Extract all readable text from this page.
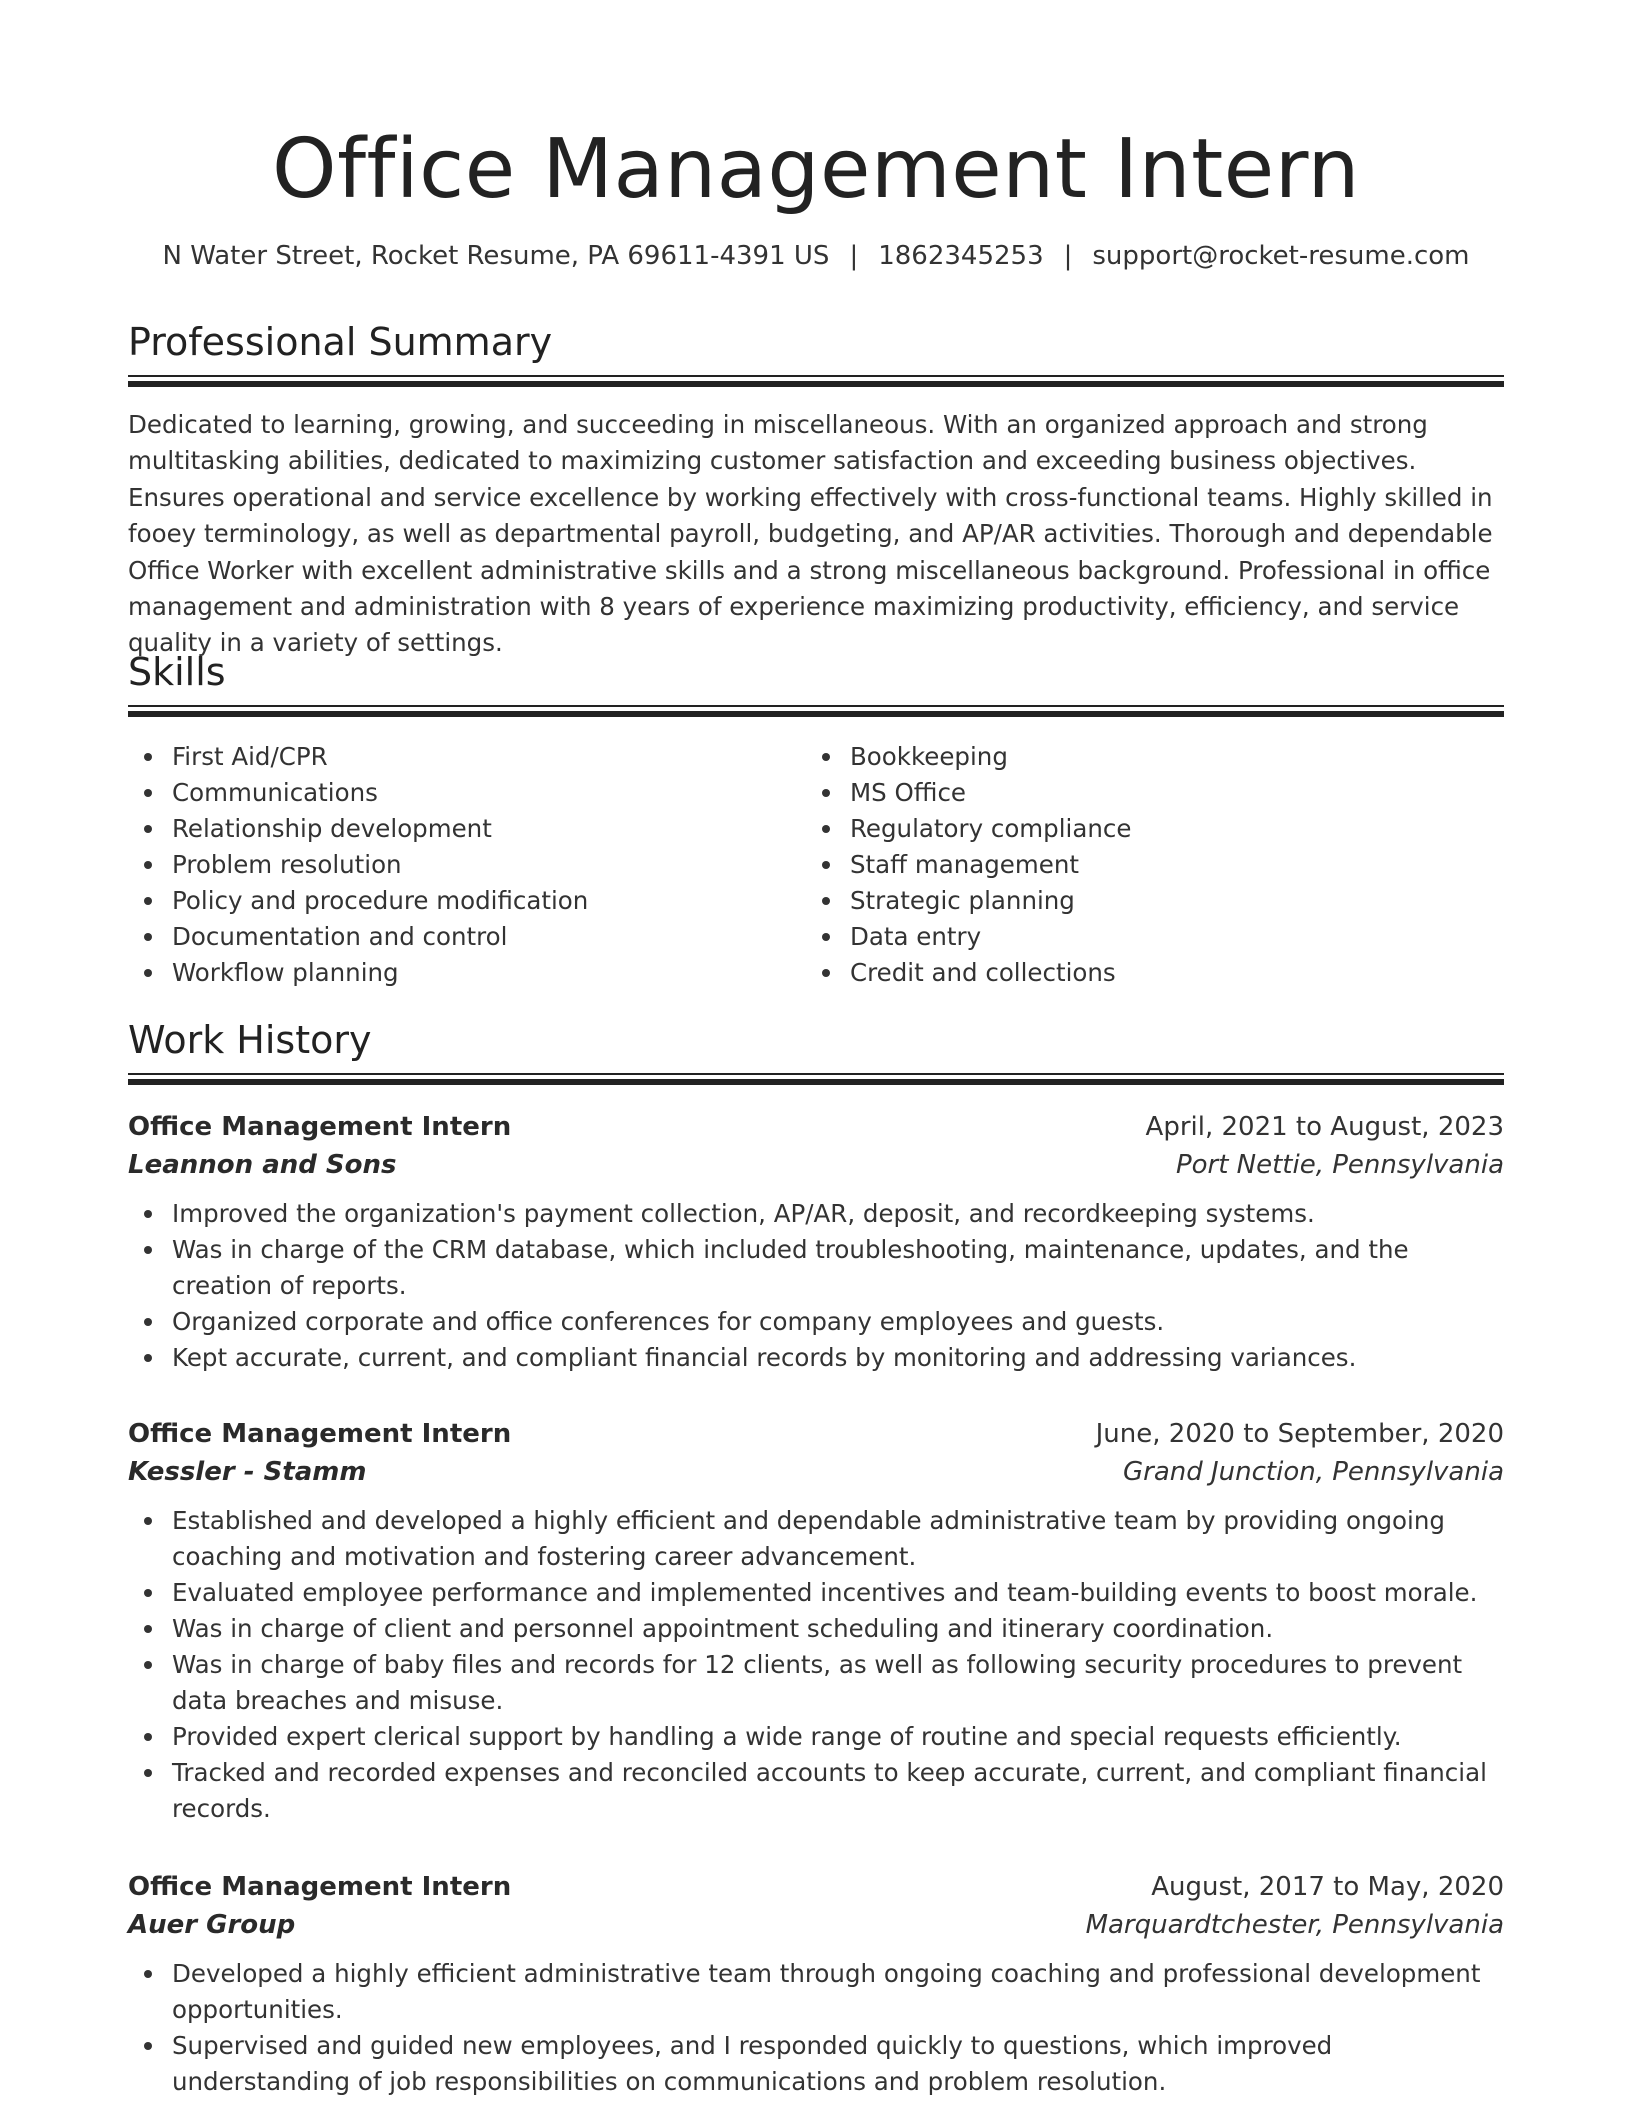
Office Management Intern
N Water Street, Rocket Resume, PA 69611-4391 US | 1862345253 | support@rocket-resume.com
Professional Summary

Dedicated to learning, growing, and succeeding in miscellaneous. With an organized approach and strong multitasking abilities, dedicated to maximizing customer satisfaction and exceeding business objectives. Ensures operational and service excellence by working effectively with cross-functional teams. Highly skilled in fooey terminology, as well as departmental payroll, budgeting, and AP/AR activities. Thorough and dependable Office Worker with excellent administrative skills and a strong miscellaneous background. Professional in office management and administration with 8 years of experience maximizing productivity, efficiency, and service quality in a variety of settings.

Skills
First Aid/CPR
Communications
Relationship development
Problem resolution
Policy and procedure modification
Documentation and control
Workflow planning
Bookkeeping
MS Office
Regulatory compliance
Staff management
Strategic planning
Data entry
Credit and collections
Work History
Office Management Intern	April, 2021 to August, 2023
Leannon and Sons	Port Nettie, Pennsylvania
Improved the organization's payment collection, AP/AR, deposit, and recordkeeping systems.
Was in charge of the CRM database, which included troubleshooting, maintenance, updates, and the creation of reports.
Organized corporate and office conferences for company employees and guests.
Kept accurate, current, and compliant financial records by monitoring and addressing variances.
Office Management Intern	June, 2020 to September, 2020
Kessler - Stamm	Grand Junction, Pennsylvania
Established and developed a highly efficient and dependable administrative team by providing ongoing coaching and motivation and fostering career advancement.
Evaluated employee performance and implemented incentives and team-building events to boost morale.
Was in charge of client and personnel appointment scheduling and itinerary coordination.
Was in charge of baby files and records for 12 clients, as well as following security procedures to prevent data breaches and misuse.
Provided expert clerical support by handling a wide range of routine and special requests efficiently.
Tracked and recorded expenses and reconciled accounts to keep accurate, current, and compliant financial records.
Office Management Intern	August, 2017 to May, 2020
Auer Group	Marquardtchester, Pennsylvania
Developed a highly efficient administrative team through ongoing coaching and professional development opportunities.
Supervised and guided new employees, and I responded quickly to questions, which improved understanding of job responsibilities on communications and problem resolution.
